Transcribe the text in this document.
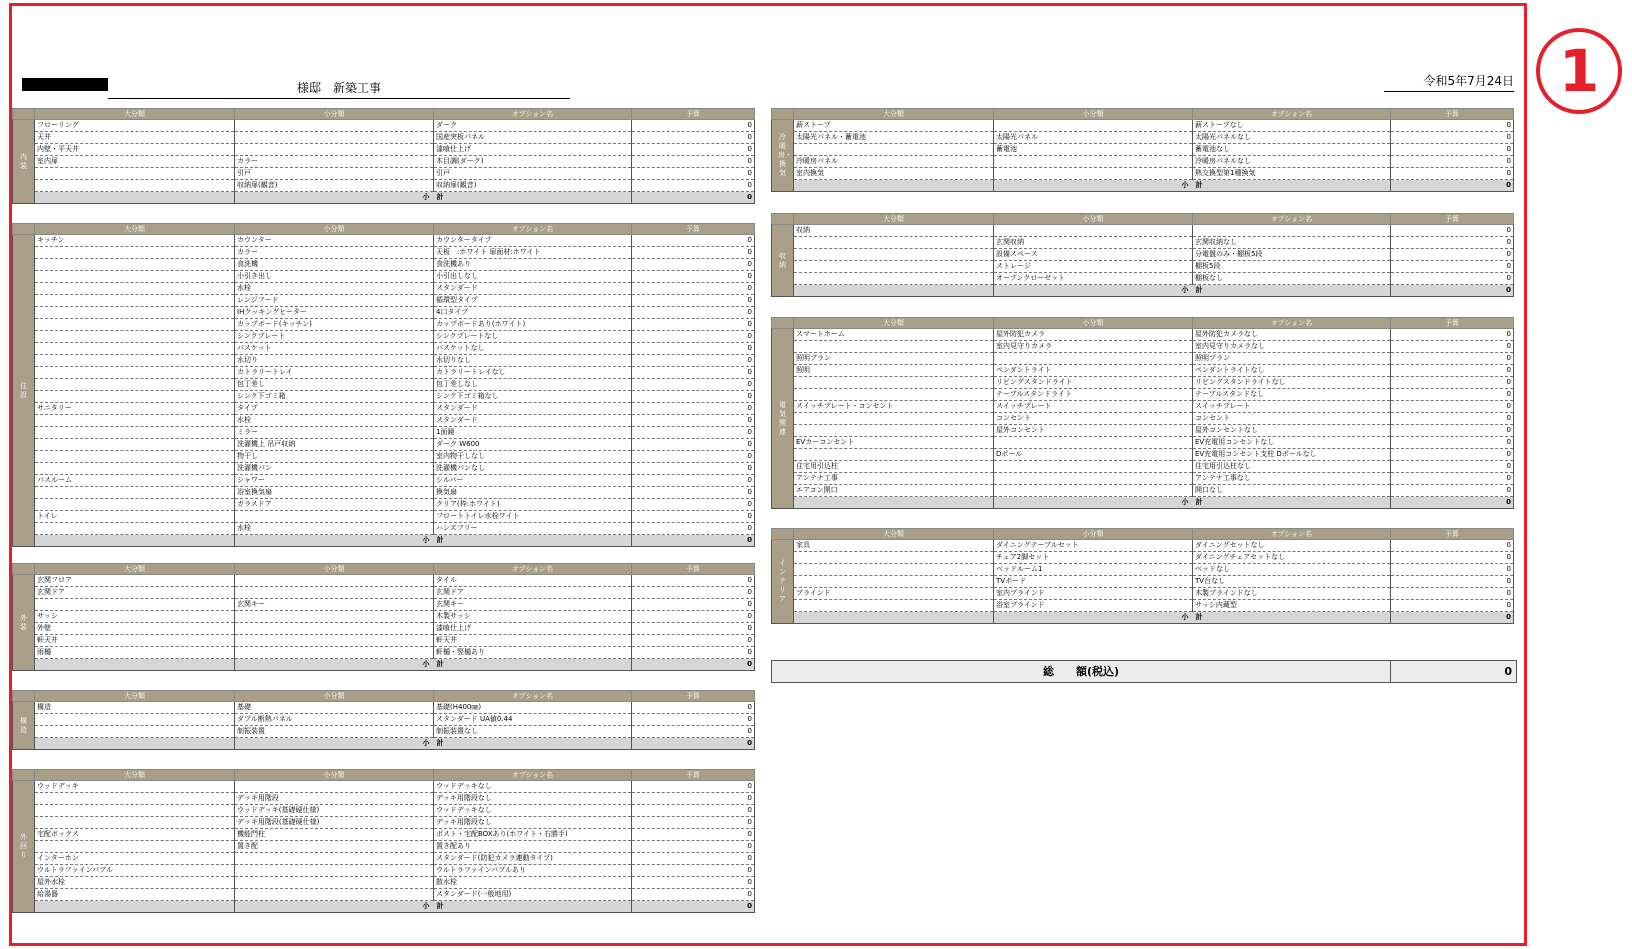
1
様邸　新築工事	令和5年7月24日
	大分類	小分類	オプション名	予算
内装	フローリング		ダーク	0
	天井		国産突板パネル	0
	内壁・平天井		漆喰仕上げ	0
	室内扉	カラー	木目調(ダーク)	0
		引戸	引戸	0
		収納扉(観音)	収納扉(観音)	0
		小　計		0
	大分類	小分類	オプション名	予算
住設	キッチン	カウンター	カウンタータイプ	0
		カラー	天板　:ホワイト 扉面材:ホワイト	0
		食洗機	食洗機あり	0
		小引き出し	小引出しなし	0
		水栓	スタンダード	0
		レンジフード	循環型タイプ	0
		IHクッキングヒーター	4口タイプ	0
		カップボード(キッチン)	カップボードあり(ホワイト)	0
		シンクプレート	シンクプレートなし	0
		バスケット	バスケットなし	0
		水切り	水切りなし	0
		カトラリートレイ	カトラリートレイなし	0
		包丁差し	包丁差しなし	0
		シンク下ゴミ箱	シンク下ゴミ箱なし	0
	サニタリー	タイプ	スタンダード	0
		水栓	スタンダード	0
		ミラー	1面鏡	0
		洗濯機上 吊戸収納	ダーク W600	0
		物干し	室内物干しなし	0
		洗濯機パン	洗濯機パンなし	0
	バスルーム	シャワー	シルバー	0
		浴室換気扇	換気扇	0
		ガラスドア	クリア(枠:ホワイト)	0
	トイレ		フロートトイレ水栓ワイト	0
		水栓	ハンズフリー	0
		小　計		0
	大分類	小分類	オプション名	予算
外装	玄関フロア		タイル	0
	玄関ドア		玄関ドア	0
		玄関キー	玄関キー	0
	サッシ		木製サッシ	0
	外壁		漆喰仕上げ	0
	軒天井		軒天井	0
	雨樋		軒樋・竪樋あり	0
		小　計		0
	大分類	小分類	オプション名	予算
構造	構造	基礎	基礎(H400㎜)	0
		ダブル断熱パネル	スタンダード UA値0.44	0
		制振装置	制振装置なし	0
		小　計		0
	大分類	小分類	オプション名	予算
外回り	ウッドデッキ		ウッドデッキなし	0
		デッキ用階段	デッキ用階段なし	0
		ウッドデッキ(基礎硬仕様)	ウッドデッキなし	0
		デッキ用階段(基礎硬仕様)	デッキ用階段なし	0
	宅配ボックス	機能門柱	ポスト・宅配BOXあり(ホワイト・右勝手)	0
		置き配	置き配あり	0
	インターホン		スタンダード(防犯カメラ連動タイプ)	0
	ウルトラファインバブル		ウルトラファインバブルあり	0
	屋外水栓		散水栓	0
	給湯器		スタンダード(一般地用)	0
		小　計		0
	大分類	小分類	オプション名	予算
冷暖房・換気	薪ストーブ		薪ストーブなし	0
	太陽光パネル・蓄電池	太陽光パネル	太陽光パネルなし	0
		蓄電池	蓄電池なし	0
	冷暖房パネル		冷暖房パネルなし	0
	室内換気		熱交換型第1種換気	0
		小　計		0
	大分類	小分類	オプション名	予算
収納	収納			0
		玄関収納	玄関収納なし	0
		設備スペース	分電盤のみ・棚板5段	0
		ストレージ	棚板5段	0
		オープンクローゼット	棚板なし	0
		小　計		0
	大分類	小分類	オプション名	予算
電気関連	スマートホーム	屋外防犯カメラ	屋外防犯カメラなし	0
		室内見守りカメラ	室内見守りカメラなし	0
	照明プラン		照明プラン	0
	照明	ペンダントライト	ペンダントライトなし	0
		リビングスタンドライト	リビングスタンドライトなし	0
		テーブルスタンドライト	テーブルスタンドなし	0
	スイッチプレート・コンセント	スイッチプレート	スイッチプレート	0
		コンセント	コンセント	0
		屋外コンセント	屋外コンセントなし	0
	EVカーコンセント		EV充電用コンセントなし	0
		Dポール	EV充電用コンセント支柱 Dポールなし	0
	住宅用引込柱		住宅用引込柱なし	0
	アンテナ工事		アンテナ工事なし	0
	エアコン開口		開口なし	0
		小　計		0
	大分類	小分類	オプション名	予算
インテリア	家具	ダイニングテーブルセット	ダイニングセットなし	0
		チェア2脚セット	ダイニングチェアセットなし	0
		ベッドルーム1	ベッドなし	0
		TVボード	TV台なし	0
	ブラインド	室内ブラインド	木製ブラインドなし	0
		浴室ブラインド	サッシ内蔵型	0
		小　計		0
総　　額(税込)	0
